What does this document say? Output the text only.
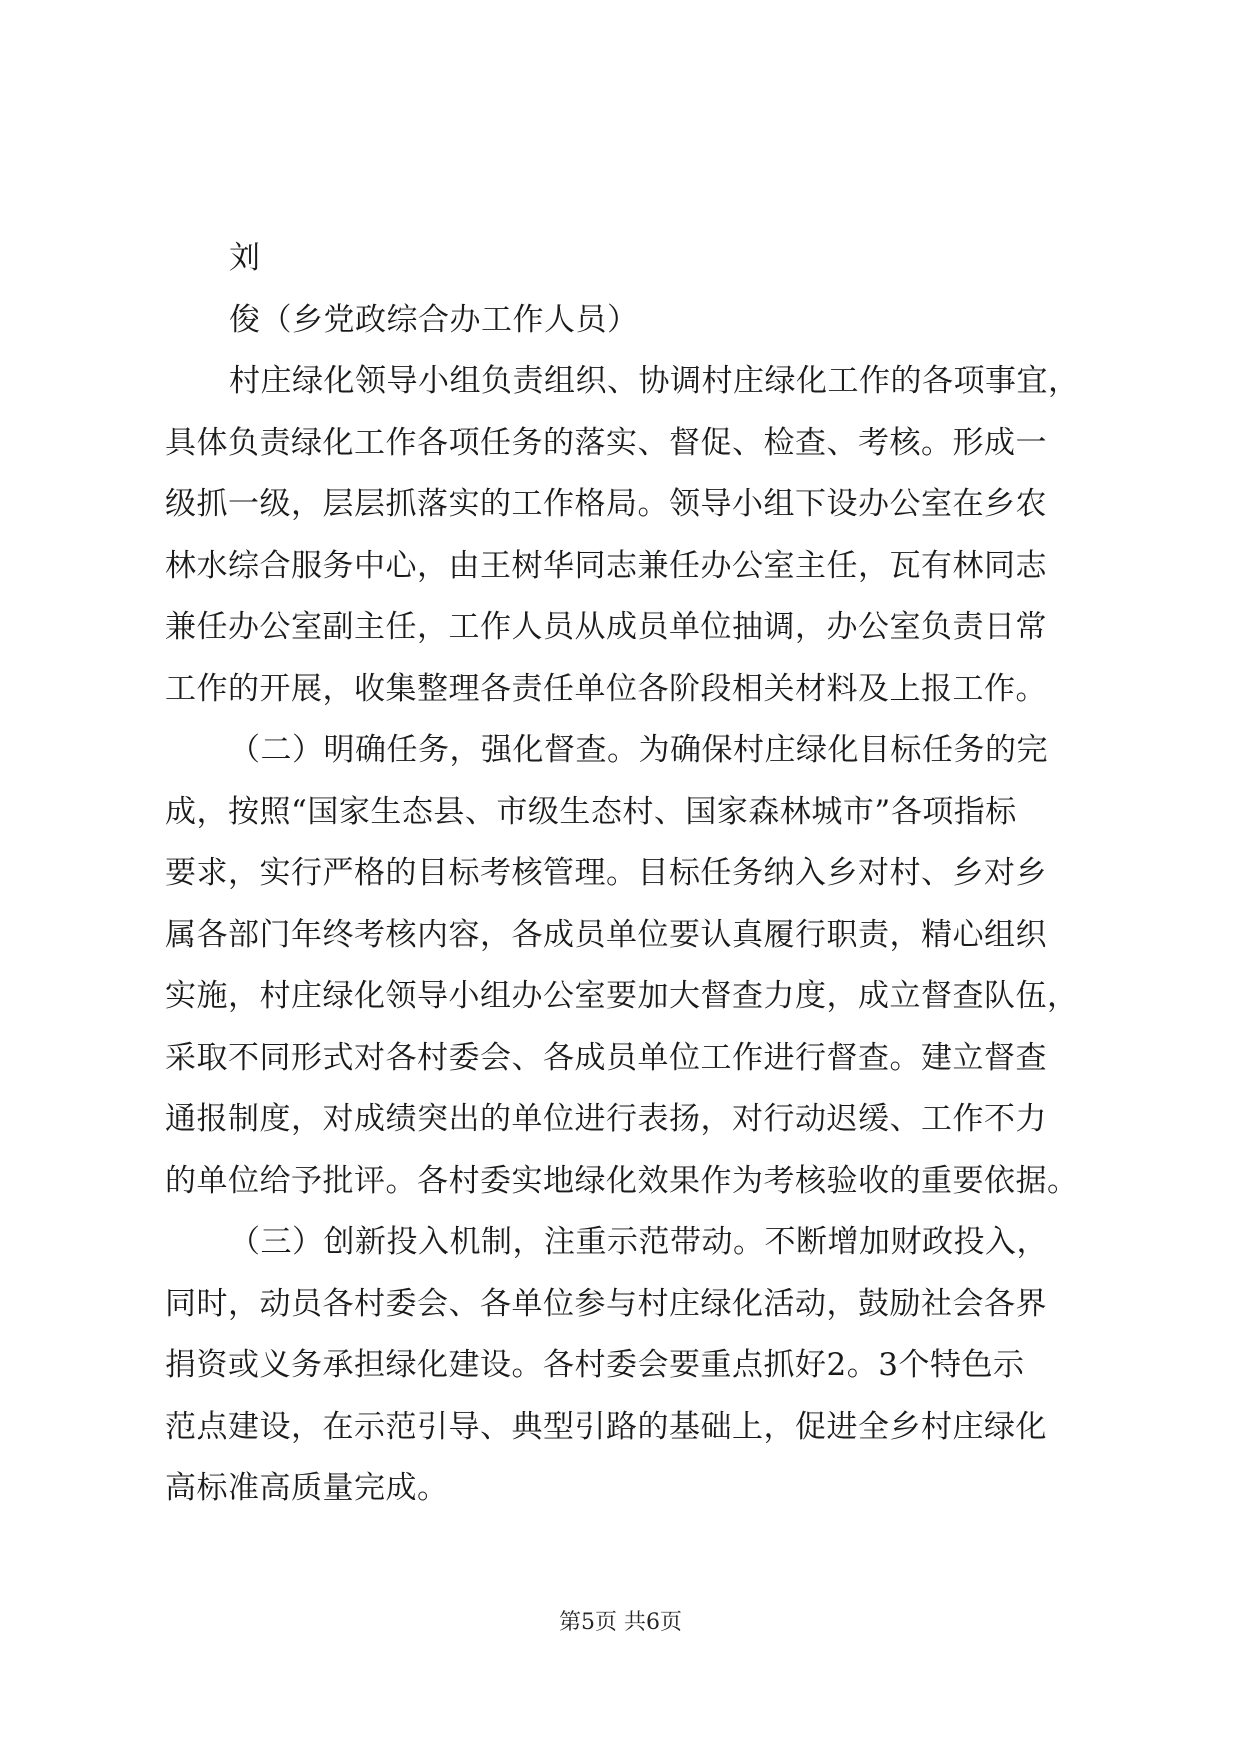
刘
俊（乡党政综合办工作人员）
村庄绿化领导小组负责组织、协调村庄绿化工作的各项事宜，
具体负责绿化工作各项任务的落实、督促、检查、考核。形成一
级抓一级，层层抓落实的工作格局。领导小组下设办公室在乡农
林水综合服务中心，由王树华同志兼任办公室主任，瓦有林同志
兼任办公室副主任，工作人员从成员单位抽调，办公室负责日常
工作的开展，收集整理各责任单位各阶段相关材料及上报工作。
（二）明确任务，强化督查。为确保村庄绿化目标任务的完
成，按照“国家生态县、市级生态村、国家森林城市”各项指标
要求，实行严格的目标考核管理。目标任务纳入乡对村、乡对乡
属各部门年终考核内容，各成员单位要认真履行职责，精心组织
实施，村庄绿化领导小组办公室要加大督查力度，成立督查队伍，
采取不同形式对各村委会、各成员单位工作进行督查。建立督查
通报制度，对成绩突出的单位进行表扬，对行动迟缓、工作不力
的单位给予批评。各村委实地绿化效果作为考核验收的重要依据。
（三）创新投入机制，注重示范带动。不断增加财政投入，
同时，动员各村委会、各单位参与村庄绿化活动，鼓励社会各界
捐资或义务承担绿化建设。各村委会要重点抓好2。3个特色示
范点建设，在示范引导、典型引路的基础上，促进全乡村庄绿化
高标准高质量完成。
第5页 共6页
